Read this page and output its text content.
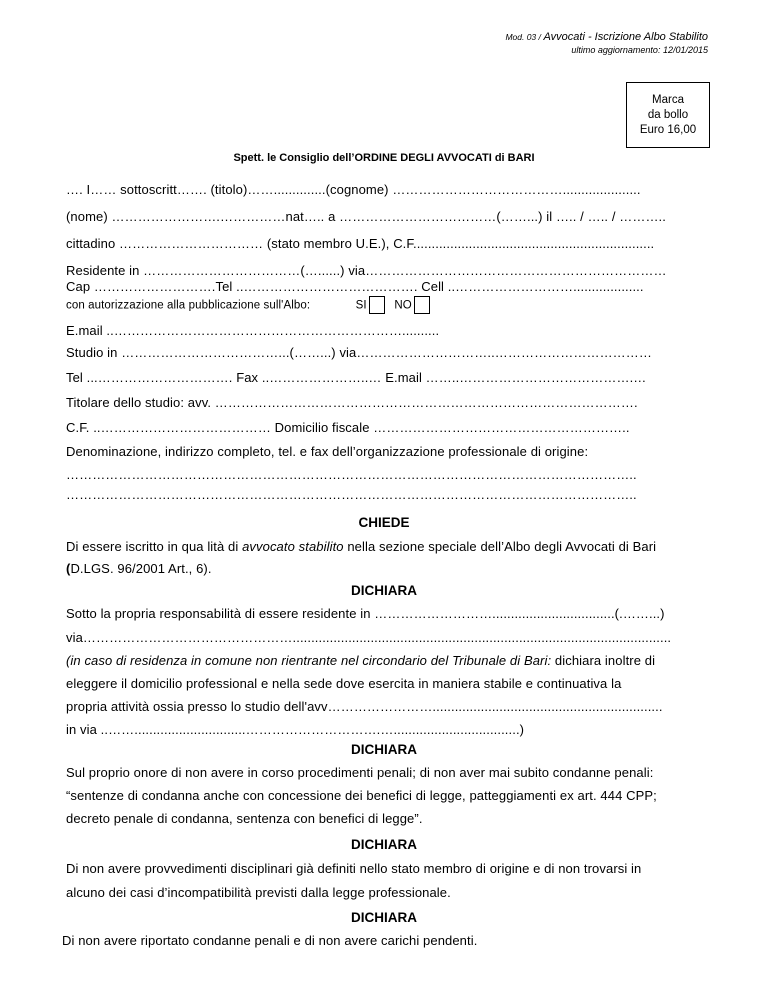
Mod. 03 / Avvocati - Iscrizione Albo Stabilito
ultimo aggiornamento: 12/01/2015
Marca
da bollo
Euro 16,00
Spett. le Consiglio dell’ORDINE DEGLI AVVOCATI di BARI
…. I…… sottoscritt……. (titolo)……..............(cognome) ………………………………….....................
(nome) …………………….……………nat….. a ………………………………(……...) il ….. / ….. / ………..
cittadino …………………………… (stato membro U.E.), C.F.................................................................
Residente in ………………………………(…......) via……………………………………………………………
Cap ……………………….Tel ..…………………………………. Cell ..………………………...................
con autorizzazione alla pubblicazione sull'Albo:	SI NO
E.mail ..…………………………………………………………..........
Studio in ………………………………...(……...) via…………………………..………………………………
Tel ...…………………………. Fax ..…………………..… E.mail ……..………………………………….…
Titolare dello studio: avv. …………………………………………………………………………………….
C.F. ..………………………………… Domicilio fiscale …………………………………………………..
Denominazione, indirizzo completo, tel. e fax dell’organizzazione professionale di origine:
…………………………………………………………………………………………………………………..
…………………………………………………………………………………………………………………..
CHIEDE
Di essere iscritto in qua lità di avvocato stabilito nella sezione speciale dell’Albo degli Avvocati di Bari
(D.LGS. 96/2001 Art., 6).
DICHIARA
Sotto la propria responsabilità di essere residente in ……………………….................................(.……...)
via…………………………………………......................................................................................................
(in caso di residenza in comune non rientrante nel circondario del Tribunale di Bari: dichiara inoltre di
eleggere il domicilio professional e nella sede dove esercita in maniera stabile e continuativa la
propria attività ossia presso lo studio dell'avv……………………..............................................................
in via ..……..............................………………………….…..................................)
DICHIARA
Sul proprio onore di non avere in corso procedimenti penali; di non aver mai subito condanne penali:
“sentenze di condanna anche con concessione dei benefici di legge, patteggiamenti ex art. 444 CPP;
decreto penale di condanna, sentenza con benefici di legge”.
DICHIARA
Di non avere provvedimenti disciplinari già definiti nello stato membro di origine e di non trovarsi in
alcuno dei casi d’incompatibilità previsti dalla legge professionale.
DICHIARA
Di non avere riportato condanne penali e di non avere carichi pendenti.
